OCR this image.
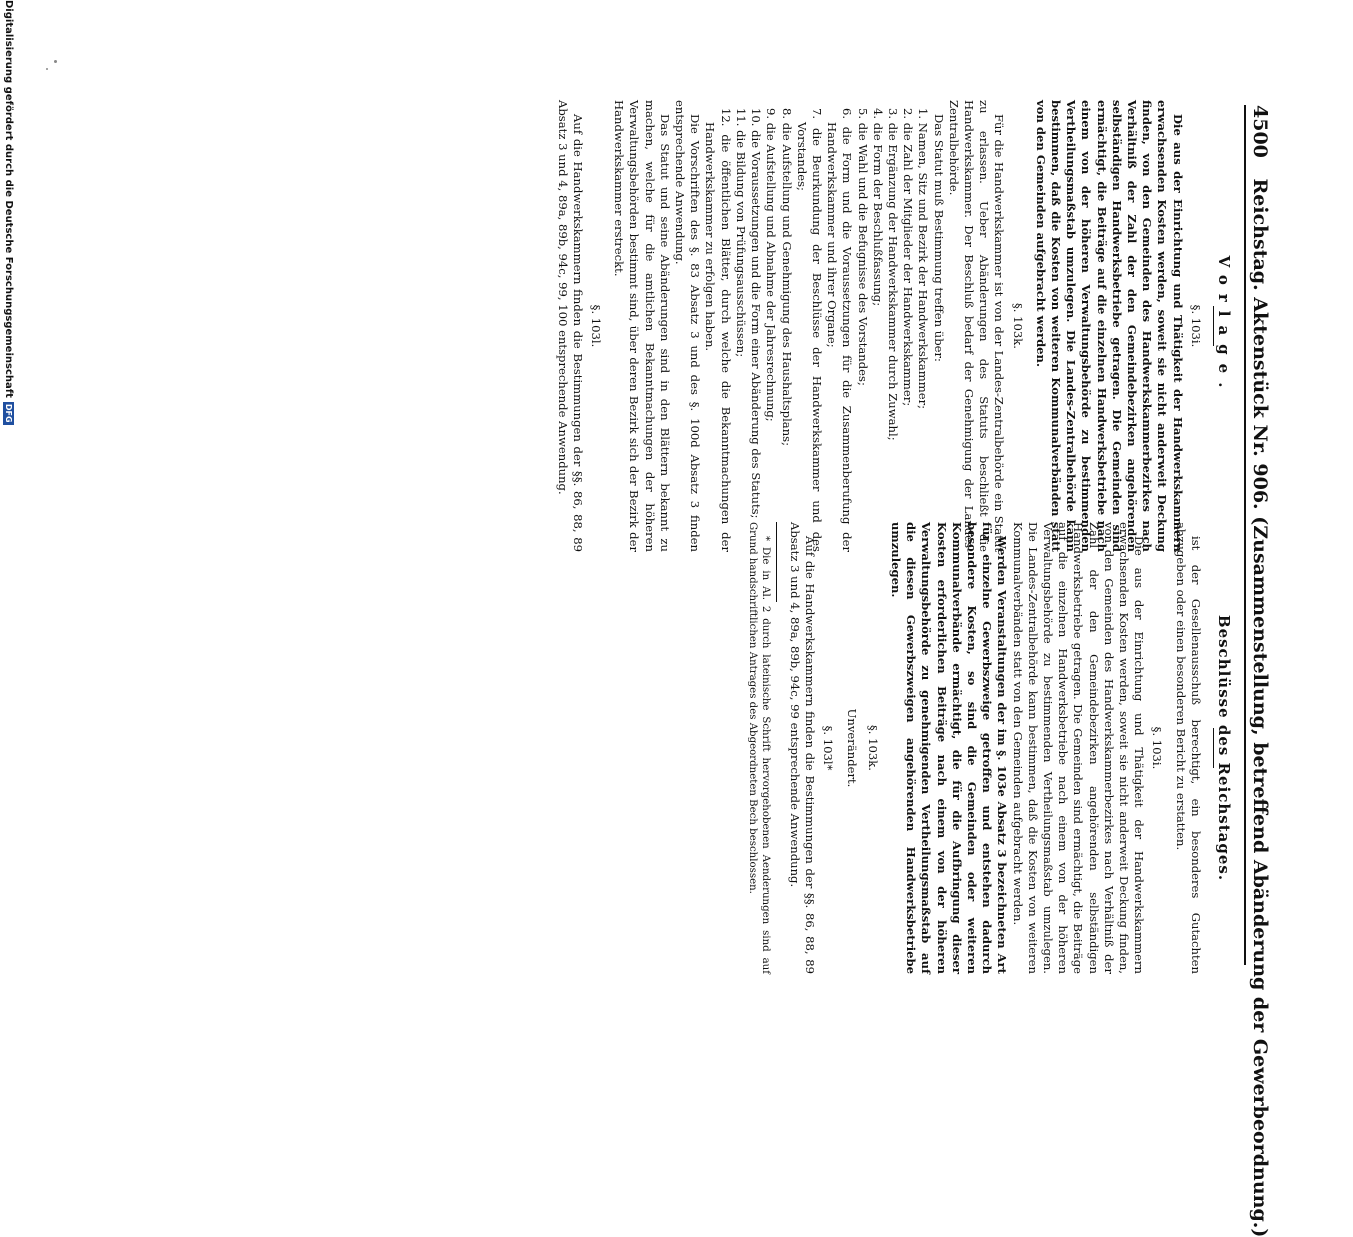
4500 Reichstag. Aktenstück Nr. 906. (Zusammenstellung, betreffend Abänderung der Gewerbeordnung.)
Vorlage.
§. 103i.

Die aus der Einrichtung und Thätigkeit der Handwerkskammern erwachsenden Kosten werden, soweit sie nicht anderweit Deckung finden, von den Gemeinden des Handwerkskammerbezirkes nach Verhältniß der Zahl der den Gemeindebezirken angehörenden selbständigen Handwerksbetriebe getragen. Die Gemeinden sind ermächtigt, die Beiträge auf die einzelnen Handwerksbetriebe nach einem von der höheren Verwaltungsbehörde zu bestimmenden Vertheilungsmaßstab umzulegen. Die Landes-Zentralbehörde kann bestimmen, daß die Kosten von weiteren Kommunalverbänden statt von den Gemeinden aufgebracht werden.

§. 103k.

Für die Handwerkskammer ist von der Landes-Zentralbehörde ein Statut zu erlassen. Ueber Abänderungen des Statuts beschließt die Handwerkskammer. Der Beschluß bedarf der Genehmigung der Landes-Zentralbehörde.

Das Statut muß Bestimmung treffen über:

1. Namen, Sitz und Bezirk der Handwerkskammer;
2. die Zahl der Mitglieder der Handwerkskammer;
3. die Ergänzung der Handwerkskammer durch Zuwahl;
4. die Form der Beschlußfassung;
5. die Wahl und die Befugnisse des Vorstandes;
6. die Form und die Voraussetzungen für die Zusammenberufung der Handwerkskammer und ihrer Organe;
7. die Beurkundung der Beschlüsse der Handwerkskammer und des Vorstandes;
8. die Aufstellung und Genehmigung des Haushaltsplans;
9. die Aufstellung und Abnahme der Jahresrechnung;
10. die Voraussetzungen und die Form einer Abänderung des Statuts;
11. die Bildung von Prüfungsausschüssen;
12. die öffentlichen Blätter, durch welche die Bekanntmachungen der Handwerkskammer zu erfolgen haben.

Die Vorschriften des §. 83 Absatz 3 und des §. 100d Absatz 3 finden entsprechende Anwendung.

Das Statut und seine Abänderungen sind in den Blättern bekannt zu machen, welche für die amtlichen Bekanntmachungen der höheren Verwaltungsbehörden bestimmt sind, über deren Bezirk sich der Bezirk der Handwerkskammer erstreckt.

§. 103l.

Auf die Handwerkskammern finden die Bestimmungen der §§. 86, 88, 89 Absatz 3 und 4, 89a, 89b, 94c, 99, 100 entsprechende Anwendung.

Beschlüsse des Reichstages.

ist der Gesellenausschuß berechtigt, ein besonderes Gutachten abzugeben oder einen besonderen Bericht zu erstatten.

§. 103i.

Die aus der Einrichtung und Thätigkeit der Handwerkskammern erwachsenden Kosten werden, soweit sie nicht anderweit Deckung finden, von den Gemeinden des Handwerkskammerbezirkes nach Verhältniß der Zahl der den Gemeindebezirken angehörenden selbständigen Handwerksbetriebe getragen. Die Gemeinden sind ermächtigt, die Beiträge auf die einzelnen Handwerksbetriebe nach einem von der höheren Verwaltungsbehörde zu bestimmenden Vertheilungsmaßstab umzulegen. Die Landes-Zentralbehörde kann bestimmen, daß die Kosten von weiteren Kommunalverbänden statt von den Gemeinden aufgebracht werden.

Werden Veranstaltungen der im §. 103e Absatz 3 bezeichneten Art für einzelne Gewerbszweige getroffen und entstehen dadurch besondere Kosten, so sind die Gemeinden oder weiteren Kommunalverbände ermächtigt, die für die Aufbringung dieser Kosten erforderlichen Beiträge nach einem von der höheren Verwaltungsbehörde zu genehmigenden Vertheilungsmaßstab auf die diesen Gewerbszweigen angehörenden Handwerksbetriebe umzulegen.

§. 103k.
Unverändert.
§. 103l*

Auf die Handwerkskammern finden die Bestimmungen der §§. 86, 88, 89 Absatz 3 und 4, 89a, 89b, 94c, 99 entsprechende Anwendung.

* Die in Al. 2 durch lateinische Schrift hervorgehobenen Aenderungen sind auf Grund handschriftlichen Antrages des Abgeordneten Bech beschlossen.

Digitalisierung gefördert durch die Deutsche ForschungsgemeinschaftDFG
